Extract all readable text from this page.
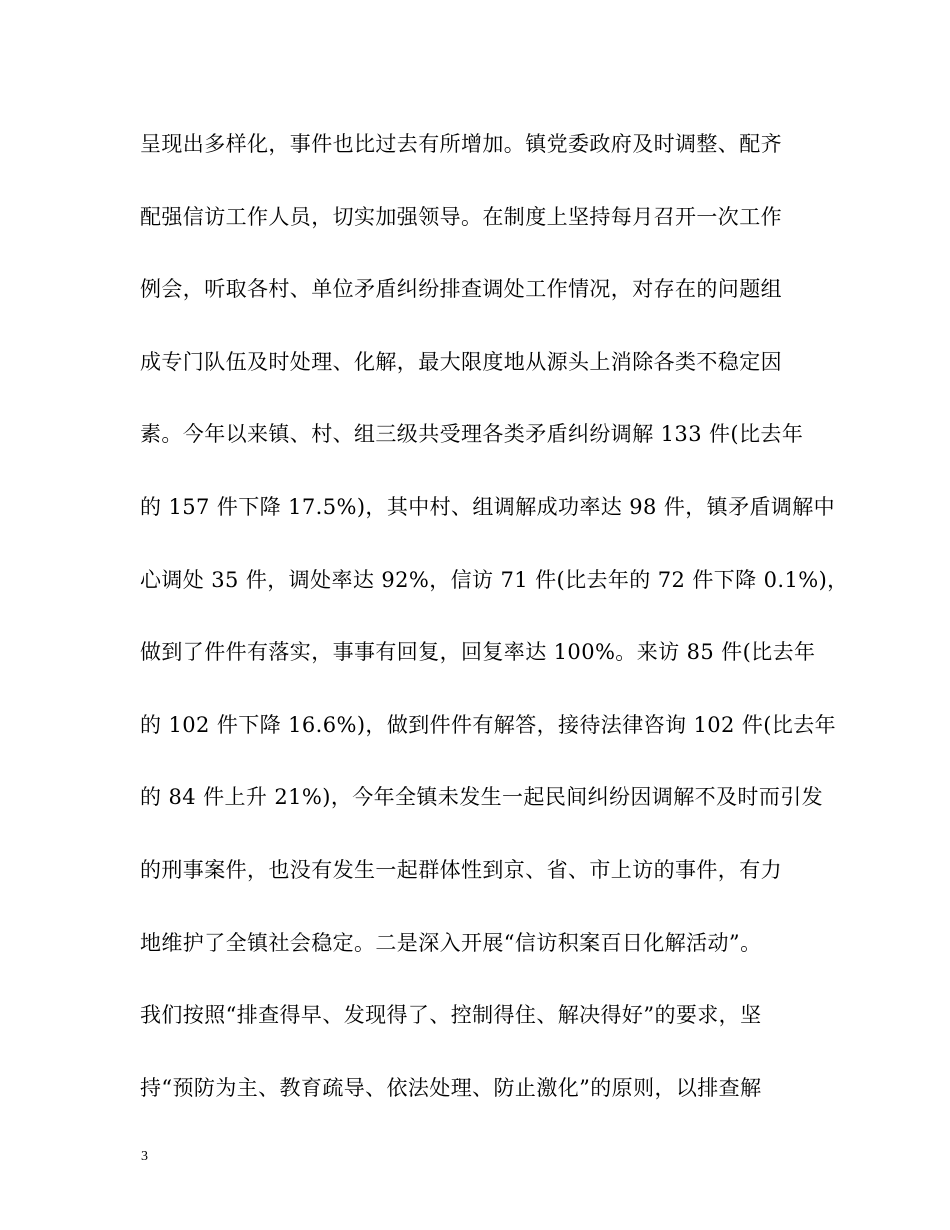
呈现出多样化，事件也比过去有所增加。镇党委政府及时调整、配齐
配强信访工作人员，切实加强领导。在制度上坚持每月召开一次工作
例会，听取各村、单位矛盾纠纷排查调处工作情况，对存在的问题组
成专门队伍及时处理、化解，最大限度地从源头上消除各类不稳定因
素。今年以来镇、村、组三级共受理各类矛盾纠纷调解 133 件(比去年
的 157 件下降 17.5%)，其中村、组调解成功率达 98 件，镇矛盾调解中
心调处 35 件，调处率达 92%，信访 71 件(比去年的 72 件下降 0.1%)，
做到了件件有落实，事事有回复，回复率达 100%。来访 85 件(比去年
的 102 件下降 16.6%)，做到件件有解答，接待法律咨询 102 件(比去年
的 84 件上升 21%)，今年全镇未发生一起民间纠纷因调解不及时而引发
的刑事案件，也没有发生一起群体性到京、省、市上访的事件，有力
地维护了全镇社会稳定。二是深入开展“信访积案百日化解活动”。
我们按照“排查得早、发现得了、控制得住、解决得好”的要求，坚
持“预防为主、教育疏导、依法处理、防止激化”的原则，以排查解
3
